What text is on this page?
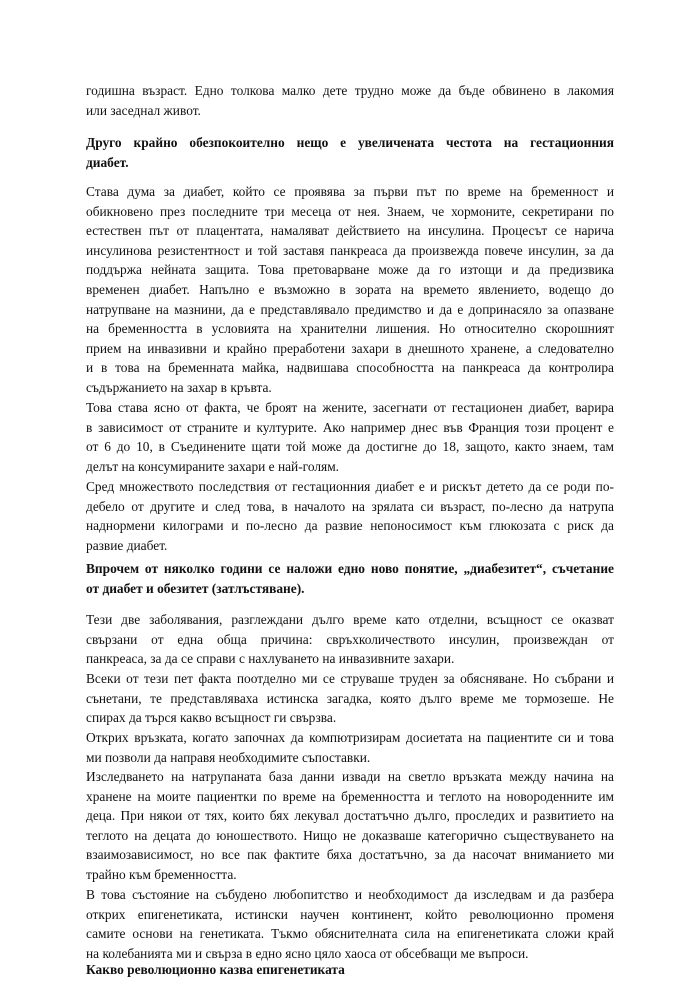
годишна възраст. Едно толкова малко дете трудно може да бъде обвинено в лакомия
или заседнал живот.
Друго крайно обезпокоително нещо е увеличената честота на гестационния
диабет.
Става дума за диабет, който се проявява за първи път по време на бременност и
обикновено през последните три месеца от нея. Знаем, че хормоните, секретирани по
естествен път от плацентата, намаляват действието на инсулина. Процесът се нарича
инсулинова резистентност и той заставя панкреаса да произвежда повече инсулин, за да
поддържа нейната защита. Това претоварване може да го изтощи и да предизвика
временен диабет. Напълно е възможно в зората на времето явлението, водещо до
натрупване на мазнини, да е представлявало предимство и да е допринасяло за опазване
на бременността в условията на хранителни лишения. Но относително скорошният
прием на инвазивни и крайно преработени захари в днешното хранене, а следователно
и в това на бременната майка, надвишава способността на панкреаса да контролира
съдържанието на захар в кръвта.
Това става ясно от факта, че броят на жените, засегнати от гестационен диабет, варира
в зависимост от страните и културите. Ако например днес във Франция този процент е
от 6 до 10, в Съединените щати той може да достигне до 18, защото, както знаем, там
делът на консумираните захари е най-голям.
Сред множеството последствия от гестационния диабет е и рискът детето да се роди по-
дебело от другите и след това, в началото на зрялата си възраст, по-лесно да натрупа
наднормени килограми и по-лесно да развие непоносимост към глюкозата с риск да
развие диабет.
Впрочем от няколко години се наложи едно ново понятие, „диабезитет“, съчетание
от диабет и обезитет (затлъстяване).
Тези две заболявания, разглеждани дълго време като отделни, всъщност се оказват
свързани от една обща причина: свръхколичеството инсулин, произвеждан от
панкреаса, за да се справи с нахлуването на инвазивните захари.
Всеки от тези пет факта поотделно ми се струваше труден за обясняване. Но събрани и
сънетани, те представляваха истинска загадка, която дълго време ме тормозеше. Не
спирах да търся какво всъщност ги свързва.
Открих връзката, когато започнах да компютризирам досиетата на пациентите си и това
ми позволи да направя необходимите съпоставки.
Изследването на натрупаната база данни извади на светло връзката между начина на
хранене на моите пациентки по време на бременността и теглото на новороденните им
деца. При някои от тях, които бях лекувал достатъчно дълго, проследих и развитието на
теглото на децата до юношеството. Нищо не доказваше категорично съществуването на
взаимозависимост, но все пак фактите бяха достатъчно, за да насочат вниманието ми
трайно към бременността.
В това състояние на събудено любопитство и необходимост да изследвам и да разбера
открих епигенетиката, истински научен континент, който революционно променя
самите основи на генетиката. Тъкмо обяснителната сила на епигенетиката сложи край
на колебанията ми и свърза в едно ясно цяло хаоса от обсебващи ме въпроси.
Какво революционно казва епигенетиката
